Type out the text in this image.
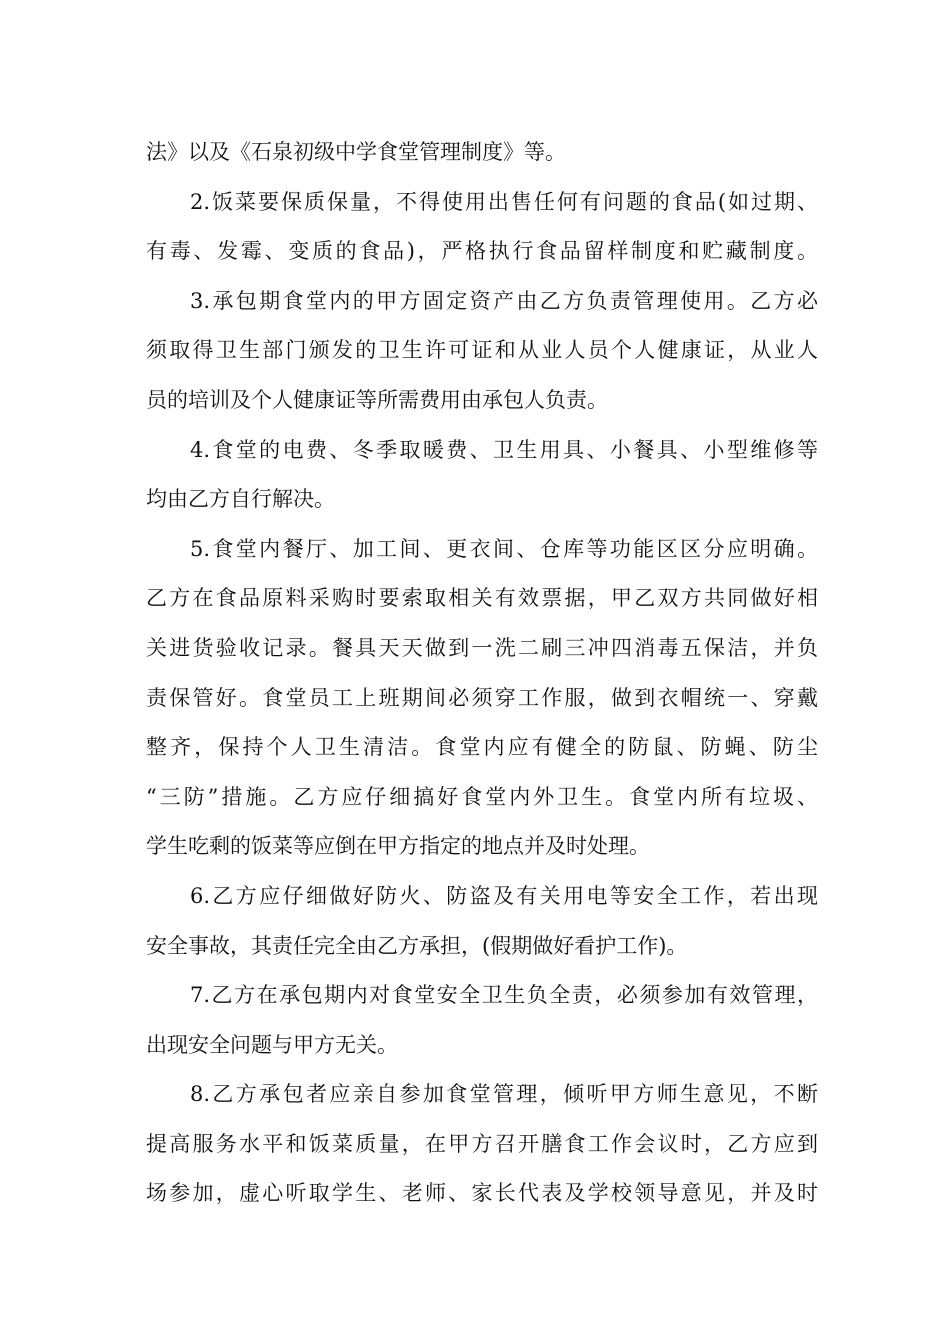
法》以及《石泉初级中学食堂管理制度》等。
2.饭菜要保质保量，不得使用出售任何有问题的食品(如过期、
有毒、发霉、变质的食品)，严格执行食品留样制度和贮藏制度。
3.承包期食堂内的甲方固定资产由乙方负责管理使用。乙方必
须取得卫生部门颁发的卫生许可证和从业人员个人健康证，从业人
员的培训及个人健康证等所需费用由承包人负责。
4.食堂的电费、冬季取暖费、卫生用具、小餐具、小型维修等
均由乙方自行解决。
5.食堂内餐厅、加工间、更衣间、仓库等功能区区分应明确。
乙方在食品原料采购时要索取相关有效票据，甲乙双方共同做好相
关进货验收记录。餐具天天做到一洗二刷三冲四消毒五保洁，并负
责保管好。食堂员工上班期间必须穿工作服，做到衣帽统一、穿戴
整齐，保持个人卫生清洁。食堂内应有健全的防鼠、防蝇、防尘
“三防”措施。乙方应仔细搞好食堂内外卫生。食堂内所有垃圾、
学生吃剩的饭菜等应倒在甲方指定的地点并及时处理。
6.乙方应仔细做好防火、防盗及有关用电等安全工作，若出现
安全事故，其责任完全由乙方承担，(假期做好看护工作)。
7.乙方在承包期内对食堂安全卫生负全责，必须参加有效管理，
出现安全问题与甲方无关。
8.乙方承包者应亲自参加食堂管理，倾听甲方师生意见，不断
提高服务水平和饭菜质量，在甲方召开膳食工作会议时，乙方应到
场参加，虚心听取学生、老师、家长代表及学校领导意见，并及时
